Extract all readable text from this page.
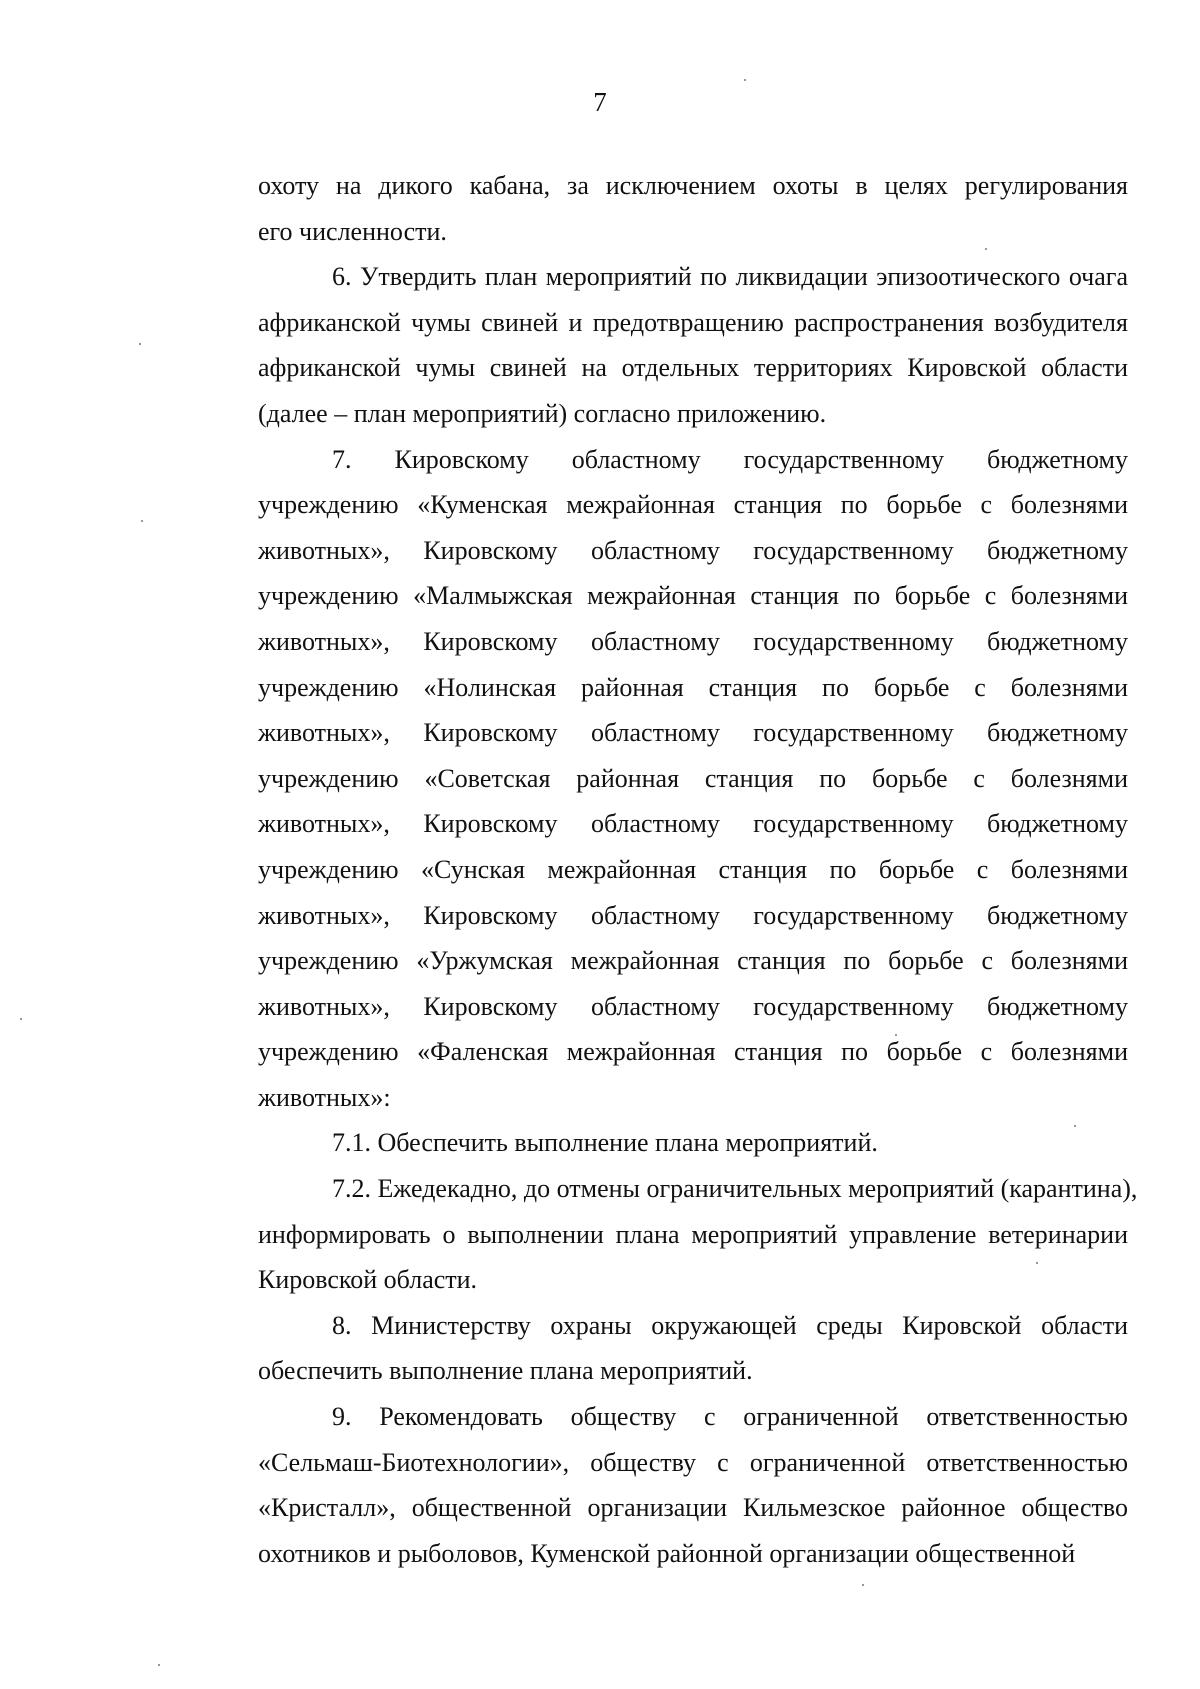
7
охоту на дикого кабана, за исключением охоты в целях регулирования
его численности.
6. Утвердить план мероприятий по ликвидации эпизоотического очага
африканской чумы свиней и предотвращению распространения возбудителя
африканской чумы свиней на отдельных территориях Кировской области
(далее – план мероприятий) согласно приложению.
7. Кировскому областному государственному бюджетному
учреждению «Куменская межрайонная станция по борьбе с болезнями
животных», Кировскому областному государственному бюджетному
учреждению «Малмыжская межрайонная станция по борьбе с болезнями
животных», Кировскому областному государственному бюджетному
учреждению «Нолинская районная станция по борьбе с болезнями
животных», Кировскому областному государственному бюджетному
учреждению «Советская районная станция по борьбе с болезнями
животных», Кировскому областному государственному бюджетному
учреждению «Сунская межрайонная станция по борьбе с болезнями
животных», Кировскому областному государственному бюджетному
учреждению «Уржумская межрайонная станция по борьбе с болезнями
животных», Кировскому областному государственному бюджетному
учреждению «Фаленская межрайонная станция по борьбе с болезнями
животных»:
7.1. Обеспечить выполнение плана мероприятий.
7.2. Ежедекадно, до отмены ограничительных мероприятий (карантина),
информировать о выполнении плана мероприятий управление ветеринарии
Кировской области.
8. Министерству охраны окружающей среды Кировской области
обеспечить выполнение плана мероприятий.
9. Рекомендовать обществу с ограниченной ответственностью
«Сельмаш-Биотехнологии», обществу с ограниченной ответственностью
«Кристалл», общественной организации Кильмезское районное общество
охотников и рыболовов, Куменской районной организации общественной
